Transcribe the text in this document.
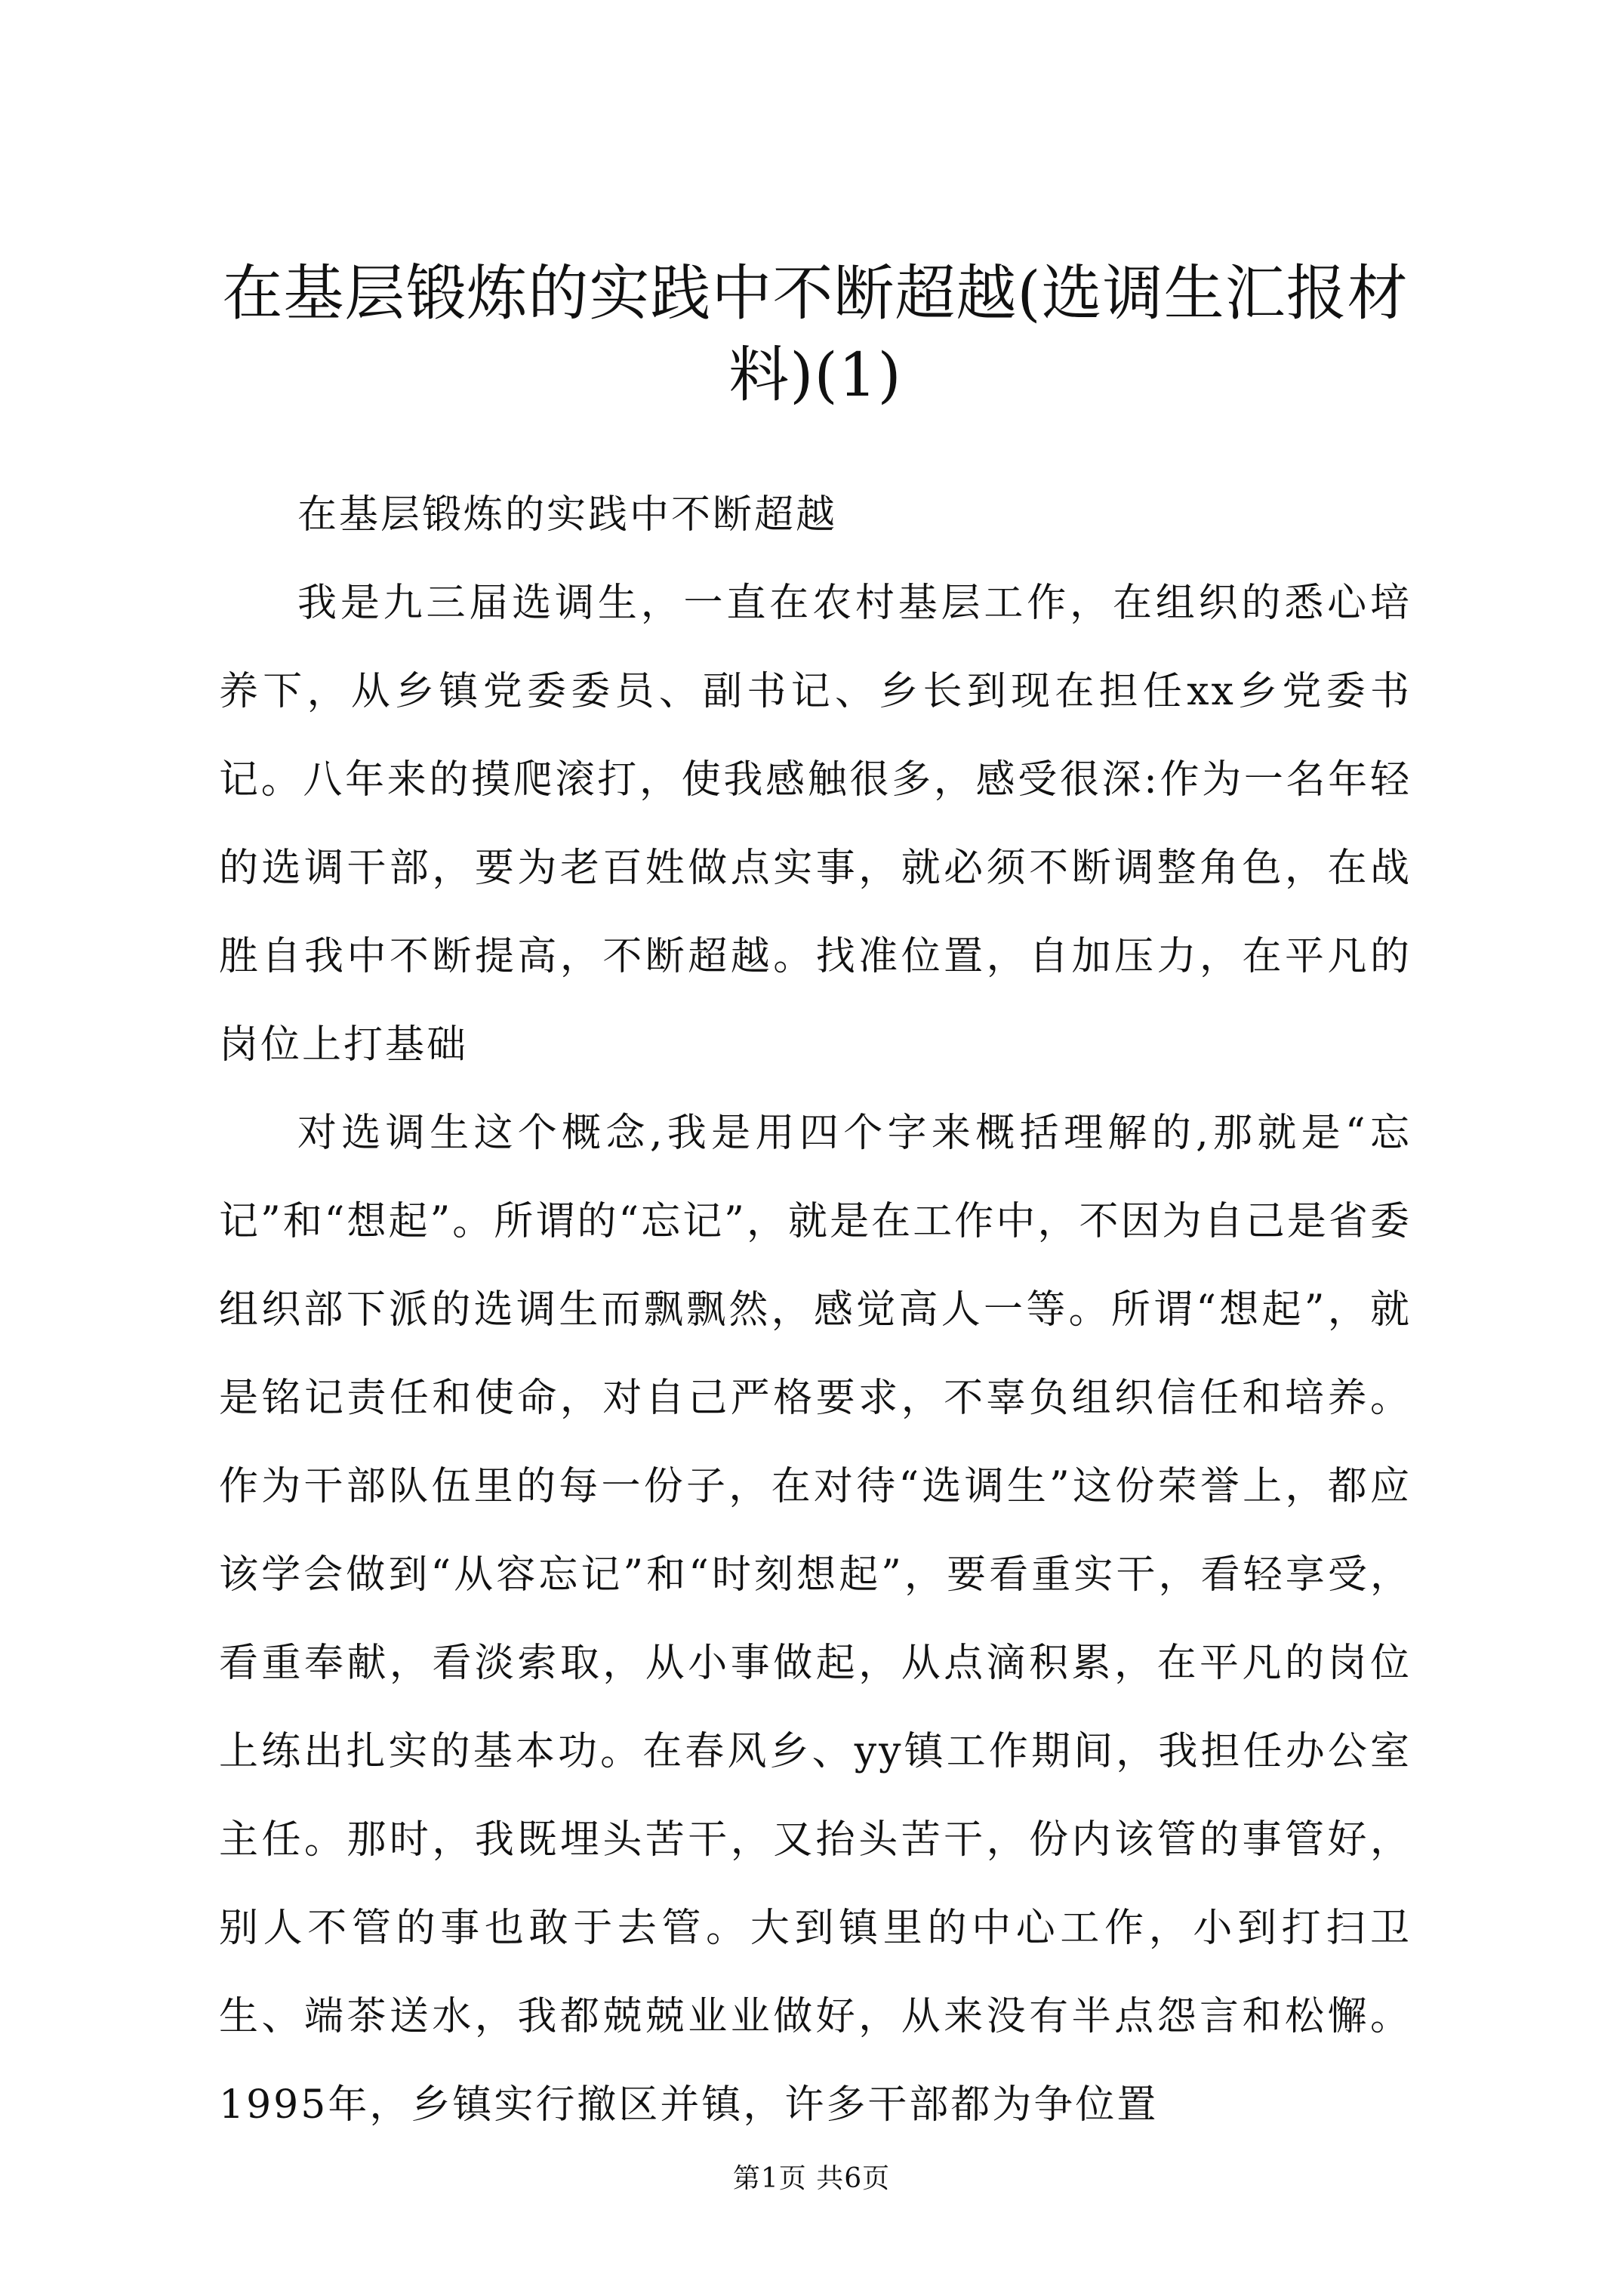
在基层锻炼的实践中不断超越(选调生汇报材料)(1)

在基层锻炼的实践中不断超越

我是九三届选调生，一直在农村基层工作，在组织的悉心培养下，从乡镇党委委员、副书记、乡长到现在担任xx乡党委书记。八年来的摸爬滚打，使我感触很多，感受很深:作为一名年轻的选调干部，要为老百姓做点实事，就必须不断调整角色，在战胜自我中不断提高，不断超越。找准位置，自加压力，在平凡的岗位上打基础

对选调生这个概念,我是用四个字来概括理解的,那就是“忘记”和“想起”。所谓的“忘记”，就是在工作中，不因为自己是省委组织部下派的选调生而飘飘然，感觉高人一等。所谓“想起”，就是铭记责任和使命，对自己严格要求，不辜负组织信任和培养。作为干部队伍里的每一份子，在对待“选调生”这份荣誉上，都应该学会做到“从容忘记”和“时刻想起”，要看重实干，看轻享受，看重奉献，看淡索取，从小事做起，从点滴积累，在平凡的岗位上练出扎实的基本功。在春风乡、yy镇工作期间，我担任办公室主任。那时，我既埋头苦干，又抬头苦干，份内该管的事管好，别人不管的事也敢于去管。大到镇里的中心工作，小到打扫卫生、端茶送水，我都兢兢业业做好，从来没有半点怨言和松懈。1995年，乡镇实行撤区并镇，许多干部都为争位置

第1页 共6页
